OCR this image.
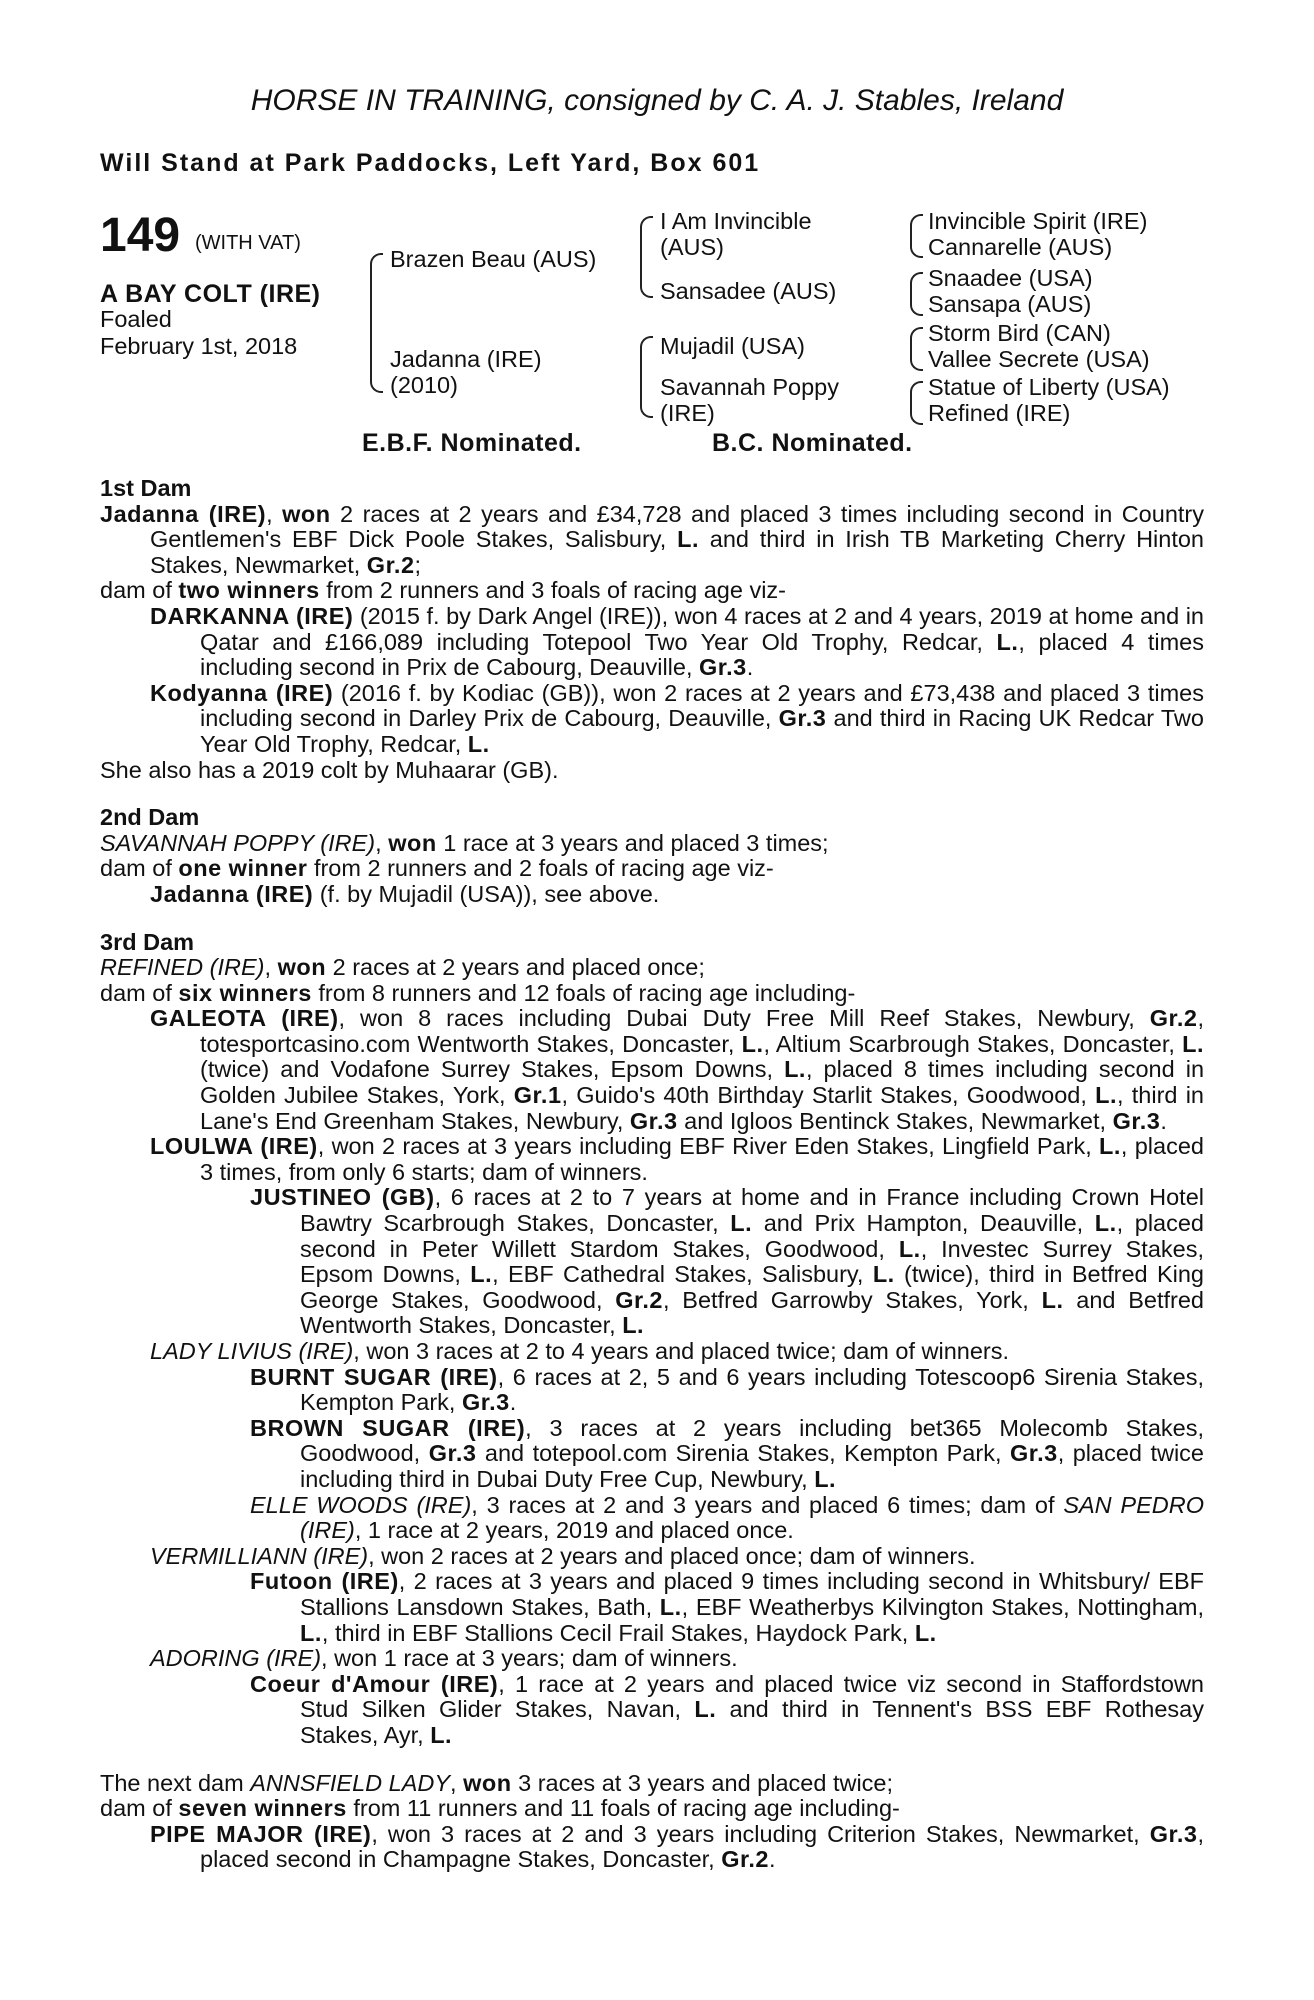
HORSE IN TRAINING, consigned by C. A. J. Stables, Ireland
Will Stand at Park Paddocks, Left Yard, Box 601
149 (WITH VAT)
A BAY COLT (IRE)
Foaled
February 1st, 2018
Brazen Beau (AUS)
Jadanna (IRE)
(2010)
I Am Invincible
(AUS)
Sansadee (AUS)
Mujadil (USA)
Savannah Poppy
(IRE)
Invincible Spirit (IRE)
Cannarelle (AUS)
Snaadee (USA)
Sansapa (AUS)
Storm Bird (CAN)
Vallee Secrete (USA)
Statue of Liberty (USA)
Refined (IRE)
E.B.F. Nominated.	B.C. Nominated.
1st Dam
Jadanna (IRE), won 2 races at 2 years and £34,728 and placed 3 times including second in Country Gentlemen's EBF Dick Poole Stakes, Salisbury, L. and third in Irish TB Marketing Cherry Hinton Stakes, Newmarket, Gr.2;
dam of two winners from 2 runners and 3 foals of racing age viz-
DARKANNA (IRE) (2015 f. by Dark Angel (IRE)), won 4 races at 2 and 4 years, 2019 at home and in Qatar and £166,089 including Totepool Two Year Old Trophy, Redcar, L., placed 4 times including second in Prix de Cabourg, Deauville, Gr.3.
Kodyanna (IRE) (2016 f. by Kodiac (GB)), won 2 races at 2 years and £73,438 and placed 3 times including second in Darley Prix de Cabourg, Deauville, Gr.3 and third in Racing UK Redcar Two Year Old Trophy, Redcar, L.
She also has a 2019 colt by Muhaarar (GB).
2nd Dam
SAVANNAH POPPY (IRE), won 1 race at 3 years and placed 3 times;
dam of one winner from 2 runners and 2 foals of racing age viz-
Jadanna (IRE) (f. by Mujadil (USA)), see above.
3rd Dam
REFINED (IRE), won 2 races at 2 years and placed once;
dam of six winners from 8 runners and 12 foals of racing age including-
GALEOTA (IRE), won 8 races including Dubai Duty Free Mill Reef Stakes, Newbury, Gr.2, totesportcasino.com Wentworth Stakes, Doncaster, L., Altium Scarbrough Stakes, Doncaster, L. (twice) and Vodafone Surrey Stakes, Epsom Downs, L., placed 8 times including second in Golden Jubilee Stakes, York, Gr.1, Guido's 40th Birthday Starlit Stakes, Goodwood, L., third in Lane's End Greenham Stakes, Newbury, Gr.3 and Igloos Bentinck Stakes, Newmarket, Gr.3.
LOULWA (IRE), won 2 races at 3 years including EBF River Eden Stakes, Lingfield Park, L., placed 3 times, from only 6 starts; dam of winners.
JUSTINEO (GB), 6 races at 2 to 7 years at home and in France including Crown Hotel Bawtry Scarbrough Stakes, Doncaster, L. and Prix Hampton, Deauville, L., placed second in Peter Willett Stardom Stakes, Goodwood, L., Investec Surrey Stakes, Epsom Downs, L., EBF Cathedral Stakes, Salisbury, L. (twice), third in Betfred King George Stakes, Goodwood, Gr.2, Betfred Garrowby Stakes, York, L. and Betfred Wentworth Stakes, Doncaster, L.
LADY LIVIUS (IRE), won 3 races at 2 to 4 years and placed twice; dam of winners.
BURNT SUGAR (IRE), 6 races at 2, 5 and 6 years including Totescoop6 Sirenia Stakes, Kempton Park, Gr.3.
BROWN SUGAR (IRE), 3 races at 2 years including bet365 Molecomb Stakes, Goodwood, Gr.3 and totepool.com Sirenia Stakes, Kempton Park, Gr.3, placed twice including third in Dubai Duty Free Cup, Newbury, L.
ELLE WOODS (IRE), 3 races at 2 and 3 years and placed 6 times; dam of SAN PEDRO (IRE), 1 race at 2 years, 2019 and placed once.
VERMILLIANN (IRE), won 2 races at 2 years and placed once; dam of winners.
Futoon (IRE), 2 races at 3 years and placed 9 times including second in Whitsbury/ EBF Stallions Lansdown Stakes, Bath, L., EBF Weatherbys Kilvington Stakes, Nottingham, L., third in EBF Stallions Cecil Frail Stakes, Haydock Park, L.
ADORING (IRE), won 1 race at 3 years; dam of winners.
Coeur d'Amour (IRE), 1 race at 2 years and placed twice viz second in Staffordstown Stud Silken Glider Stakes, Navan, L. and third in Tennent's BSS EBF Rothesay Stakes, Ayr, L.
The next dam ANNSFIELD LADY, won 3 races at 3 years and placed twice;
dam of seven winners from 11 runners and 11 foals of racing age including-
PIPE MAJOR (IRE), won 3 races at 2 and 3 years including Criterion Stakes, Newmarket, Gr.3, placed second in Champagne Stakes, Doncaster, Gr.2.
